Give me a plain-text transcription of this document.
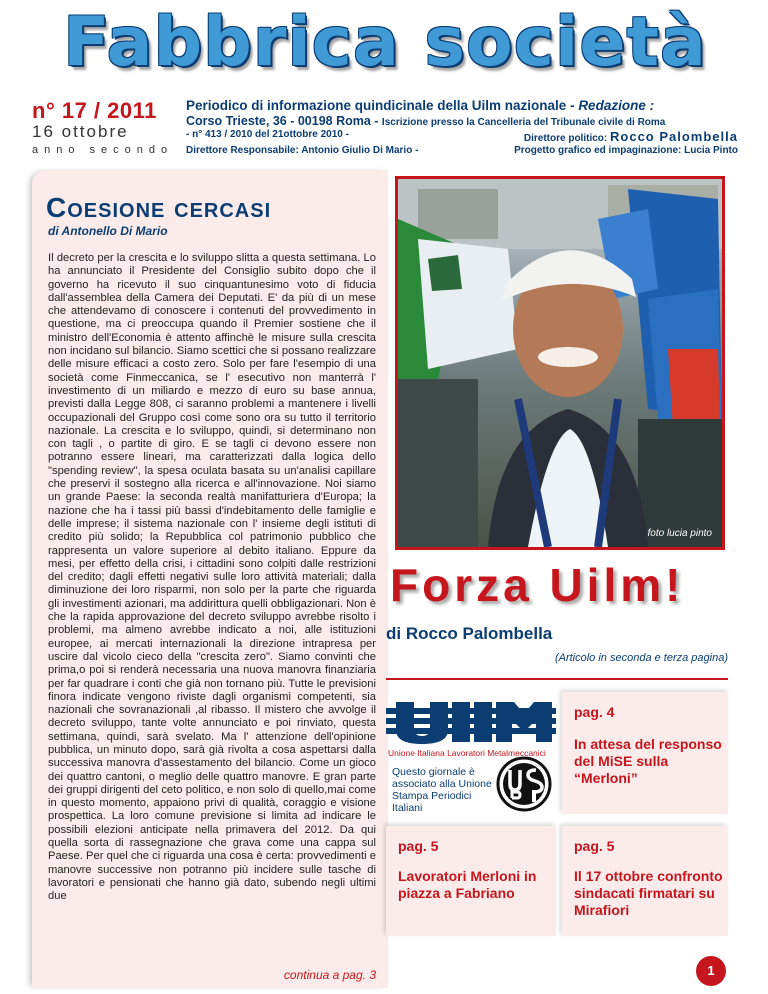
Fabbrica società
n° 17 / 2011
16 ottobre
anno secondo
Periodico di informazione quindicinale della Uilm nazionale - Redazione :
Corso Trieste, 36 - 00198 Roma - Iscrizione presso la Cancelleria del Tribunale civile di Roma
- n° 413 / 2010 del 21ottobre 2010 -	Direttore politico: Rocco Palombella
Direttore Responsabile: Antonio Giulio Di Mario -	Progetto grafico ed impaginazione: Lucia Pinto
Coesione cercasi
di Antonello Di Mario
Il decreto per la crescita e lo sviluppo slitta a questa settimana. Lo ha annunciato il Presidente del Consiglio subito dopo che il governo ha ricevuto il suo cinquantunesimo voto di fiducia dall'assemblea della Camera dei Deputati. E' da più di un mese che attendevamo di conoscere i contenuti del provvedimento in questione, ma ci preoccupa quando il Premier sostiene che il ministro dell'Economia è attento affinchè le misure sulla crescita non incidano sul bilancio. Siamo scettici che si possano realizzare delle misure efficaci a costo zero. Solo per fare l'esempio di una società come Finmeccanica, se l' esecutivo non manterrà l' investimento di un miliardo e mezzo di euro su base annua, previsti dalla Legge 808, ci saranno problemi a mantenere i livelli occupazionali del Gruppo così come sono ora su tutto il territorio nazionale. La crescita e lo sviluppo, quindi, si determinano non con tagli , o partite di giro. E se tagli ci devono essere non potranno essere lineari, ma caratterizzati dalla logica dello "spending review", la spesa oculata basata su un'analisi capillare che preservi il sostegno alla ricerca e all'innovazione. Noi siamo un grande Paese: la seconda realtà manifatturiera d'Europa; la nazione che ha i tassi più bassi d'indebitamento delle famiglie e delle imprese; il sistema nazionale con l' insieme degli istituti di credito più solido; la Repubblica col patrimonio pubblico che rappresenta un valore superiore al debito italiano. Eppure da mesi, per effetto della crisi, i cittadini sono colpiti dalle restrizioni del credito; dagli effetti negativi sulle loro attività materiali; dalla diminuzione dei loro risparmi, non solo per la parte che riguarda gli investimenti azionari, ma addirittura quelli obbligazionari. Non è che la rapida approvazione del decreto sviluppo avrebbe risolto i problemi, ma almeno avrebbe indicato a noi, alle istituzioni europee, ai mercati internazionali la direzione intrapresa per uscire dal vicolo cieco della "crescita zero". Siamo convinti che prima,o poi si renderà necessaria una nuova manovra finanziaria per far quadrare i conti che già non tornano più. Tutte le previsioni finora indicate vengono riviste dagli organismi competenti, sia nazionali che sovranazionali ,al ribasso. Il mistero che avvolge il decreto sviluppo, tante volte annunciato e poi rinviato, questa settimana, quindi, sarà svelato. Ma l' attenzione dell'opinione pubblica, un minuto dopo, sarà già rivolta a cosa aspettarsi dalla successiva manovra d'assestamento del bilancio. Come un gioco dei quattro cantoni, o meglio delle quattro manovre. E gran parte dei gruppi dirigenti del ceto politico, e non solo di quello,mai come in questo momento, appaiono privi di qualità, coraggio e visione prospettica. La loro comune previsione si limita ad indicare le possibili elezioni anticipate nella primavera del 2012. Da qui quella sorta di rassegnazione che grava come una cappa sul Paese. Per quel che ci riguarda una cosa è certa: provvedimenti e manovre successive non potranno più incidere sulle tasche di lavoratori e pensionati che hanno già dato, subendo negli ultimi due
continua a pag. 3
foto lucia pinto
Forza Uilm!
di Rocco Palombella
(Articolo in seconda e terza pagina)
Unione Italiana Lavoratori Metalmeccanici
Questo giornale è associato alla Unione Stampa Periodici Italiani
pag. 4
In attesa del responso del MiSE sulla “Merloni”
pag. 5
Lavoratori Merloni in piazza a Fabriano
pag. 5
Il 17 ottobre confronto sindacati firmatari su Mirafiori
1
